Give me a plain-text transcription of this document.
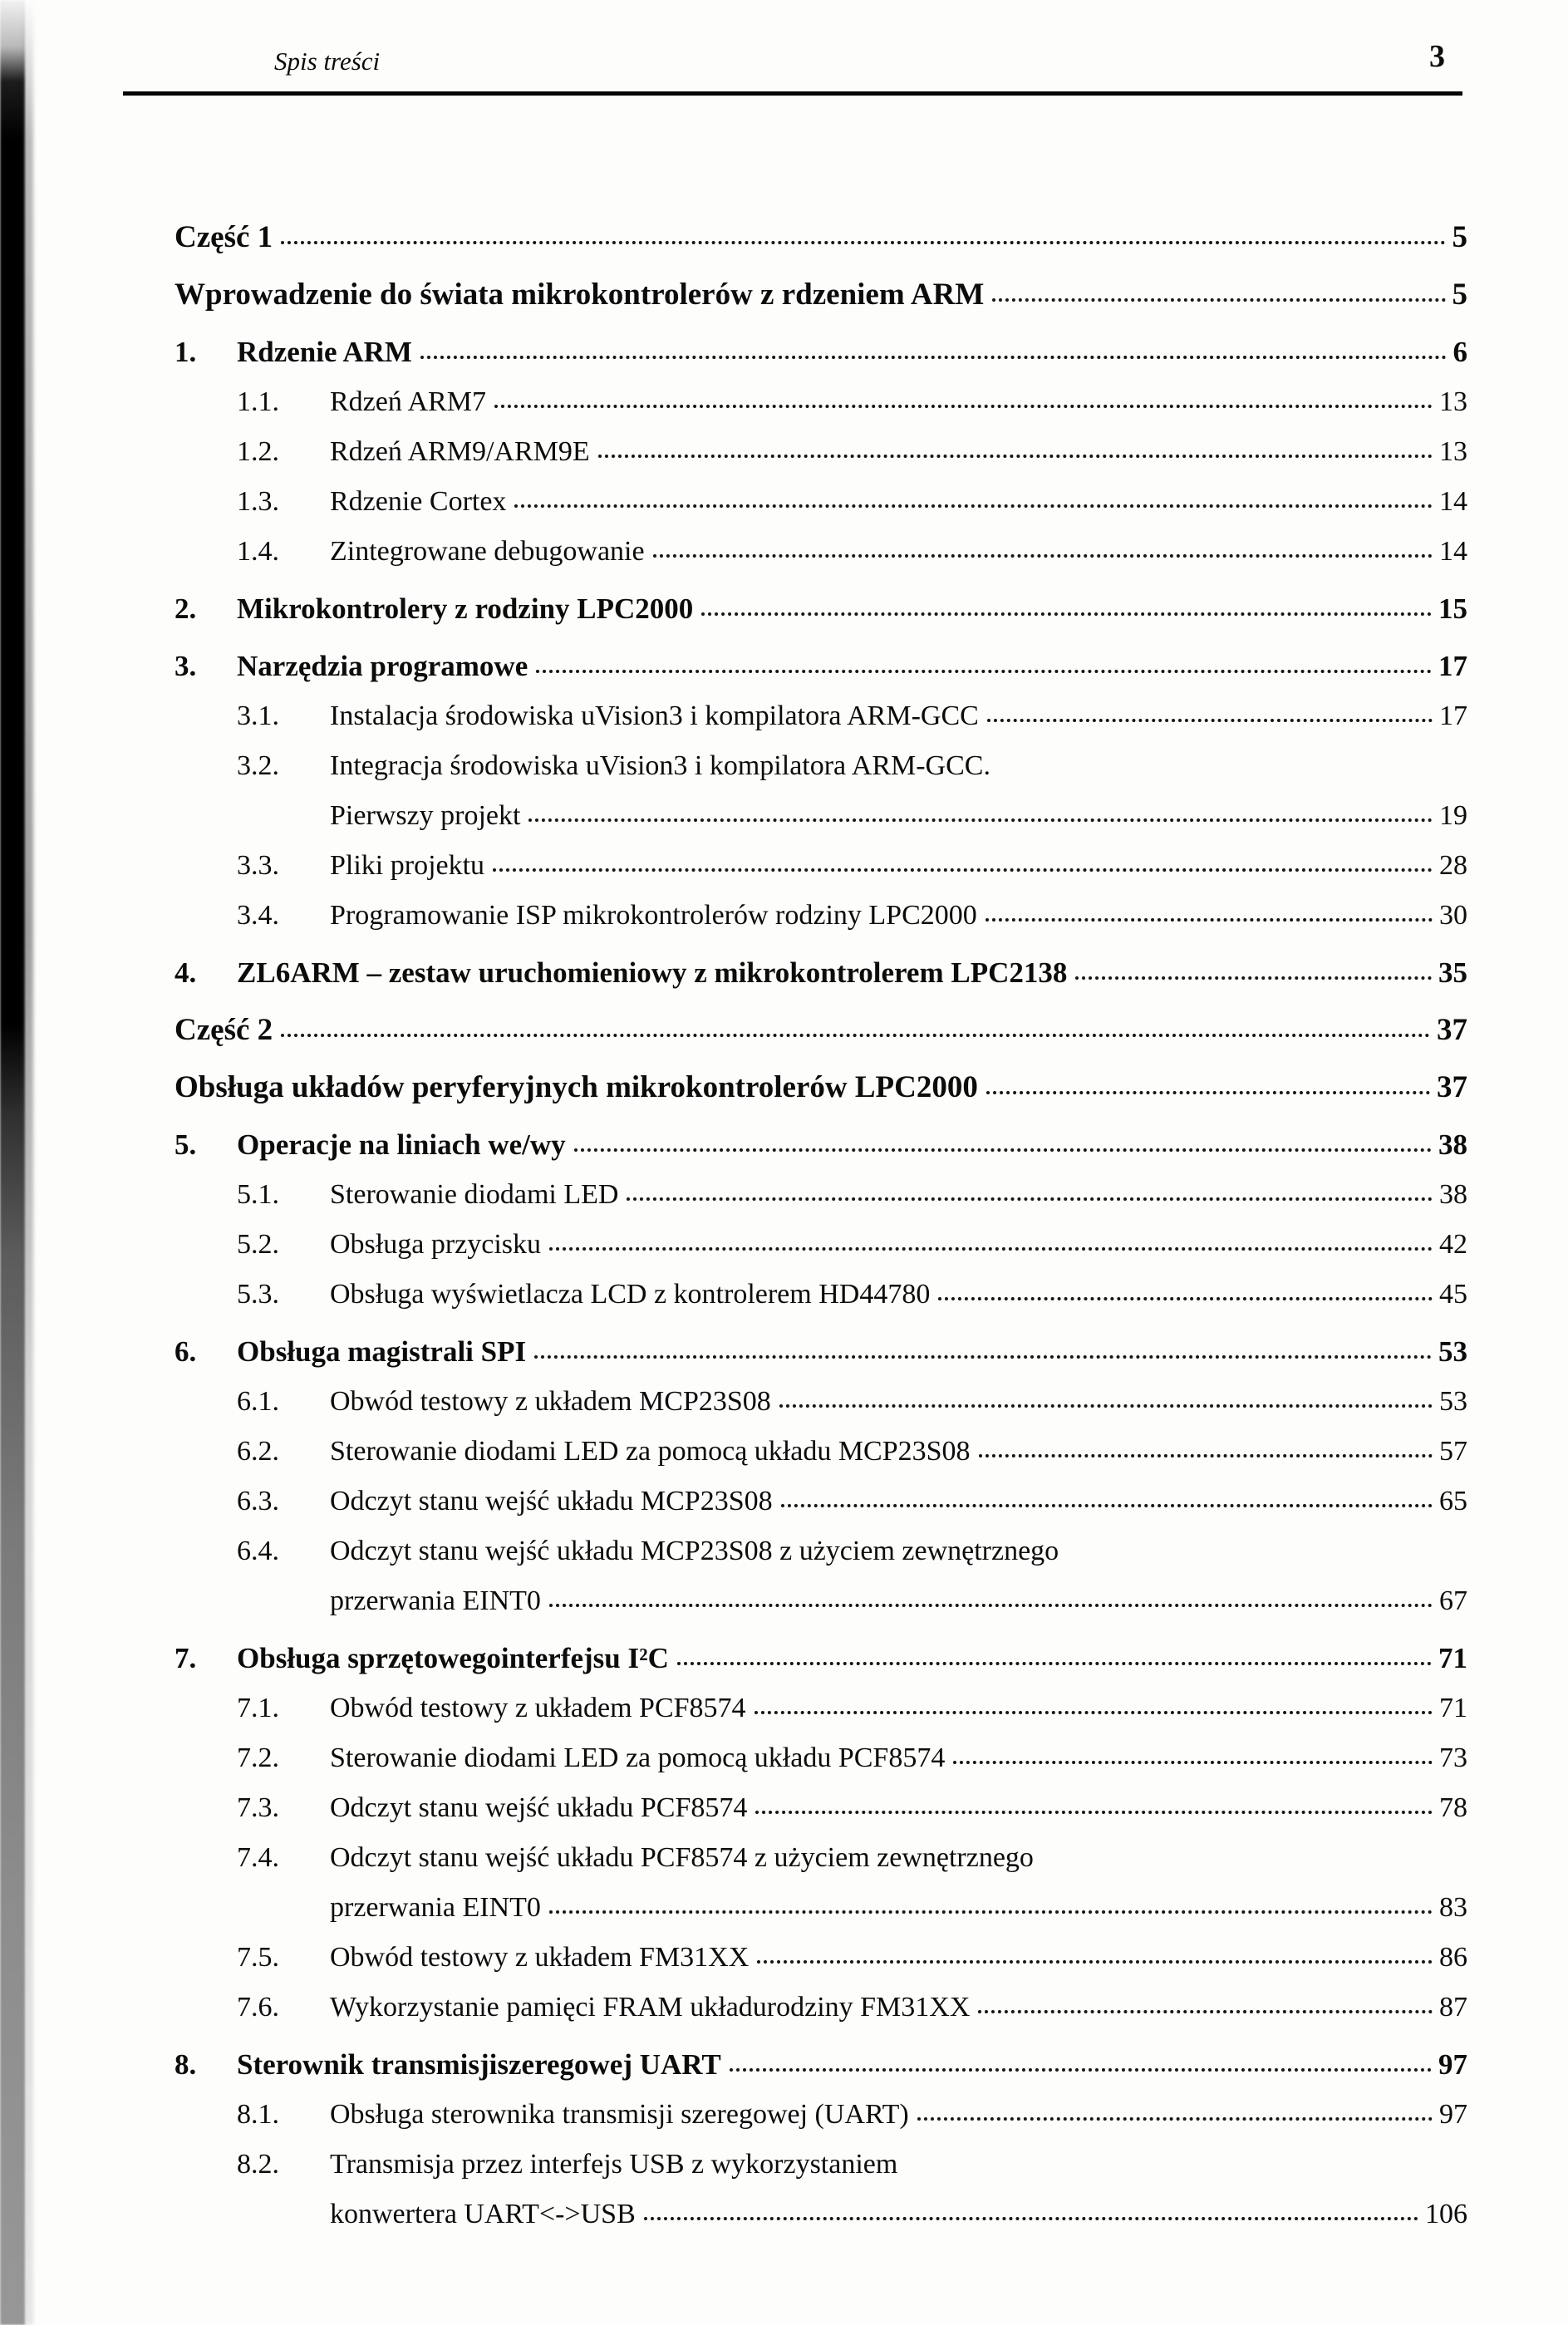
Spis treści	3
Część 1	5
Wprowadzenie do świata mikrokontrolerów z rdzeniem ARM	5
1.	Rdzenie ARM	6
1.1.	Rdzeń ARM7	13
1.2.	Rdzeń ARM9/ARM9E	13
1.3.	Rdzenie Cortex	14
1.4.	Zintegrowane debugowanie	14
2.	Mikrokontrolery z rodziny LPC2000	15
3.	Narzędzia programowe	17
3.1.	Instalacja środowiska uVision3 i kompilatora ARM-GCC	17
3.2.	Integracja środowiska uVision3 i kompilatora ARM-GCC.
Pierwszy projekt	19
3.3.	Pliki projektu	28
3.4.	Programowanie ISP mikrokontrolerów rodziny LPC2000	30
4.	ZL6ARM – zestaw uruchomieniowy z mikrokontrolerem LPC2138	35
Część 2	37
Obsługa układów peryferyjnych mikrokontrolerów LPC2000	37
5.	Operacje na liniach we/wy	38
5.1.	Sterowanie diodami LED	38
5.2.	Obsługa przycisku	42
5.3.	Obsługa wyświetlacza LCD z kontrolerem HD44780	45
6.	Obsługa magistrali SPI	53
6.1.	Obwód testowy z układem MCP23S08	53
6.2.	Sterowanie diodami LED za pomocą układu MCP23S08	57
6.3.	Odczyt stanu wejść układu MCP23S08	65
6.4.	Odczyt stanu wejść układu MCP23S08 z użyciem zewnętrznego
przerwania EINT0	67
7.	Obsługa sprzętowegointerfejsu I²C	71
7.1.	Obwód testowy z układem PCF8574	71
7.2.	Sterowanie diodami LED za pomocą układu PCF8574	73
7.3.	Odczyt stanu wejść układu PCF8574	78
7.4.	Odczyt stanu wejść układu PCF8574 z użyciem zewnętrznego
przerwania EINT0	83
7.5.	Obwód testowy z układem FM31XX	86
7.6.	Wykorzystanie pamięci FRAM układurodziny FM31XX	87
8.	Sterownik transmisjiszeregowej UART	97
8.1.	Obsługa sterownika transmisji szeregowej (UART)	97
8.2.	Transmisja przez interfejs USB z wykorzystaniem
konwertera UART<->USB	106
